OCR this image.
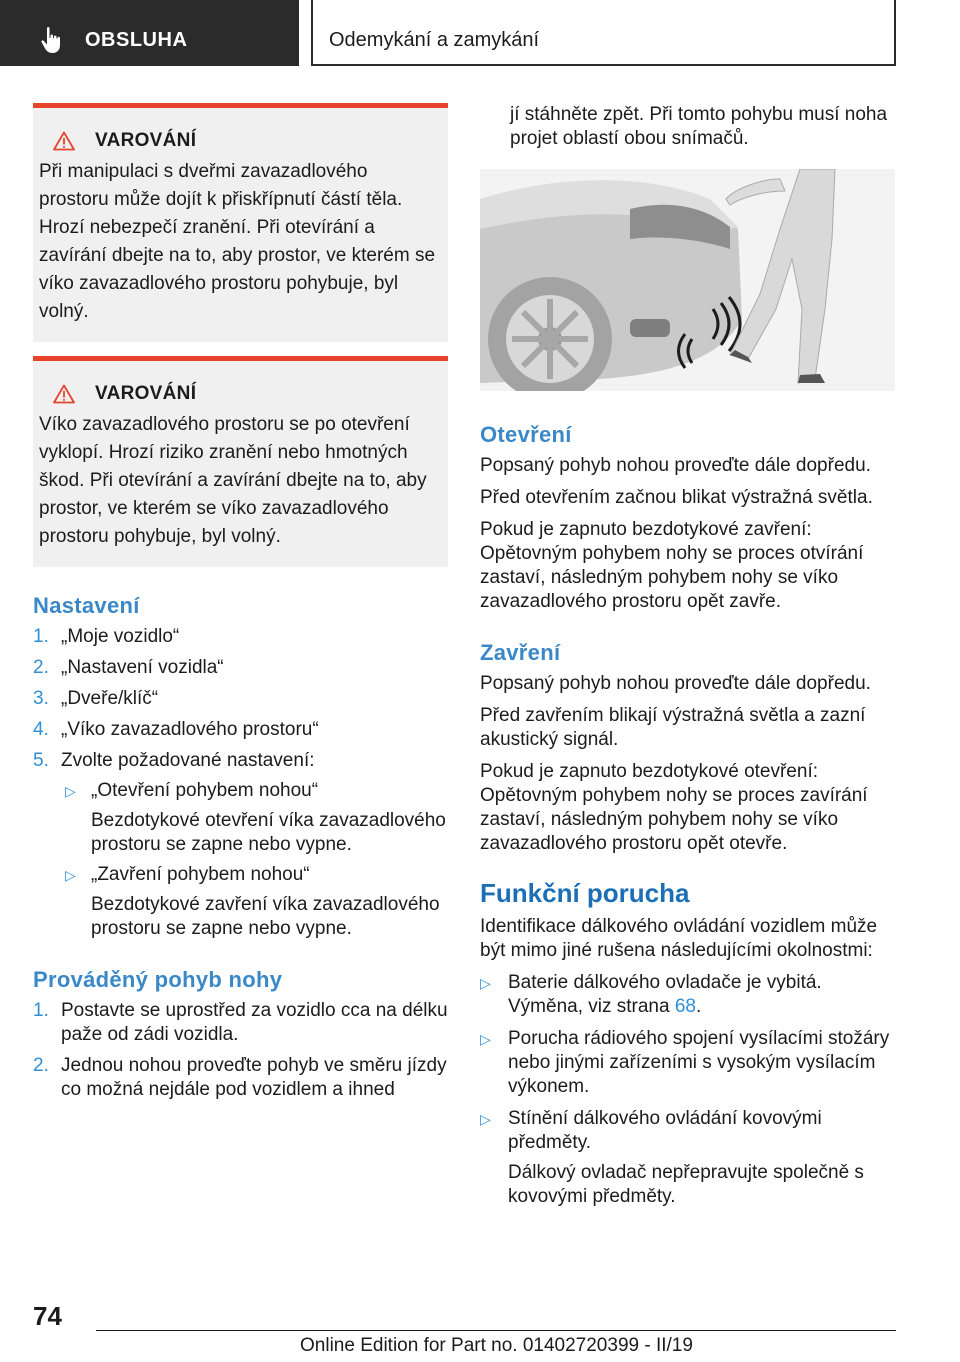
OBSLUHA	Odemykání a zamykání
VAROVÁNÍ

Při manipulaci s dveřmi zavazadlového prostoru může dojít k přiskřípnutí částí těla. Hrozí nebezpečí zranění. Při otevírání a zavírání dbejte na to, aby prostor, ve kterém se víko zavazadlového prostoru pohybuje, byl volný.

VAROVÁNÍ

Víko zavazadlového prostoru se po otevření vyklopí. Hrozí riziko zranění nebo hmotných škod. Při otevírání a zavírání dbejte na to, aby prostor, ve kterém se víko zavazadlového prostoru pohybuje, byl volný.

Nastavení
1. „Moje vozidlo“
2. „Nastavení vozidla“
3. „Dveře/klíč“
4. „Víko zavazadlového prostoru“
5. Zvolte požadované nastavení:
▷ „Otevření pohybem nohou“
Bezdotykové otevření víka zavazadlového prostoru se zapne nebo vypne.
▷ „Zavření pohybem nohou“
Bezdotykové zavření víka zavazadlového prostoru se zapne nebo vypne.
Prováděný pohyb nohy
1. Postavte se uprostřed za vozidlo cca na délku paže od zádi vozidla.
2. Jednou nohou proveďte pohyb ve směru jízdy co možná nejdále pod vozidlem a ihned

jí stáhněte zpět. Při tomto pohybu musí noha projet oblastí obou snímačů.

Otevření

Popsaný pohyb nohou proveďte dále dopředu.

Před otevřením začnou blikat výstražná světla.

Pokud je zapnuto bezdotykové zavření: Opětovným pohybem nohy se proces otvírání zastaví, následným pohybem nohy se víko zavazadlového prostoru opět zavře.

Zavření

Popsaný pohyb nohou proveďte dále dopředu.

Před zavřením blikají výstražná světla a zazní akustický signál.

Pokud je zapnuto bezdotykové otevření: Opětovným pohybem nohy se proces zavírání zastaví, následným pohybem nohy se víko zavazadlového prostoru opět otevře.

Funkční porucha

Identifikace dálkového ovládání vozidlem může být mimo jiné rušena následujícími okolnostmi:

▷ Baterie dálkového ovladače je vybitá. Výměna, viz strana 68.
▷ Porucha rádiového spojení vysílacími stožáry nebo jinými zařízeními s vysokým vysílacím výkonem.
▷ Stínění dálkového ovládání kovovými předměty.
Dálkový ovladač nepřepravujte společně s kovovými předměty.
74
Online Edition for Part no. 01402720399 - II/19
